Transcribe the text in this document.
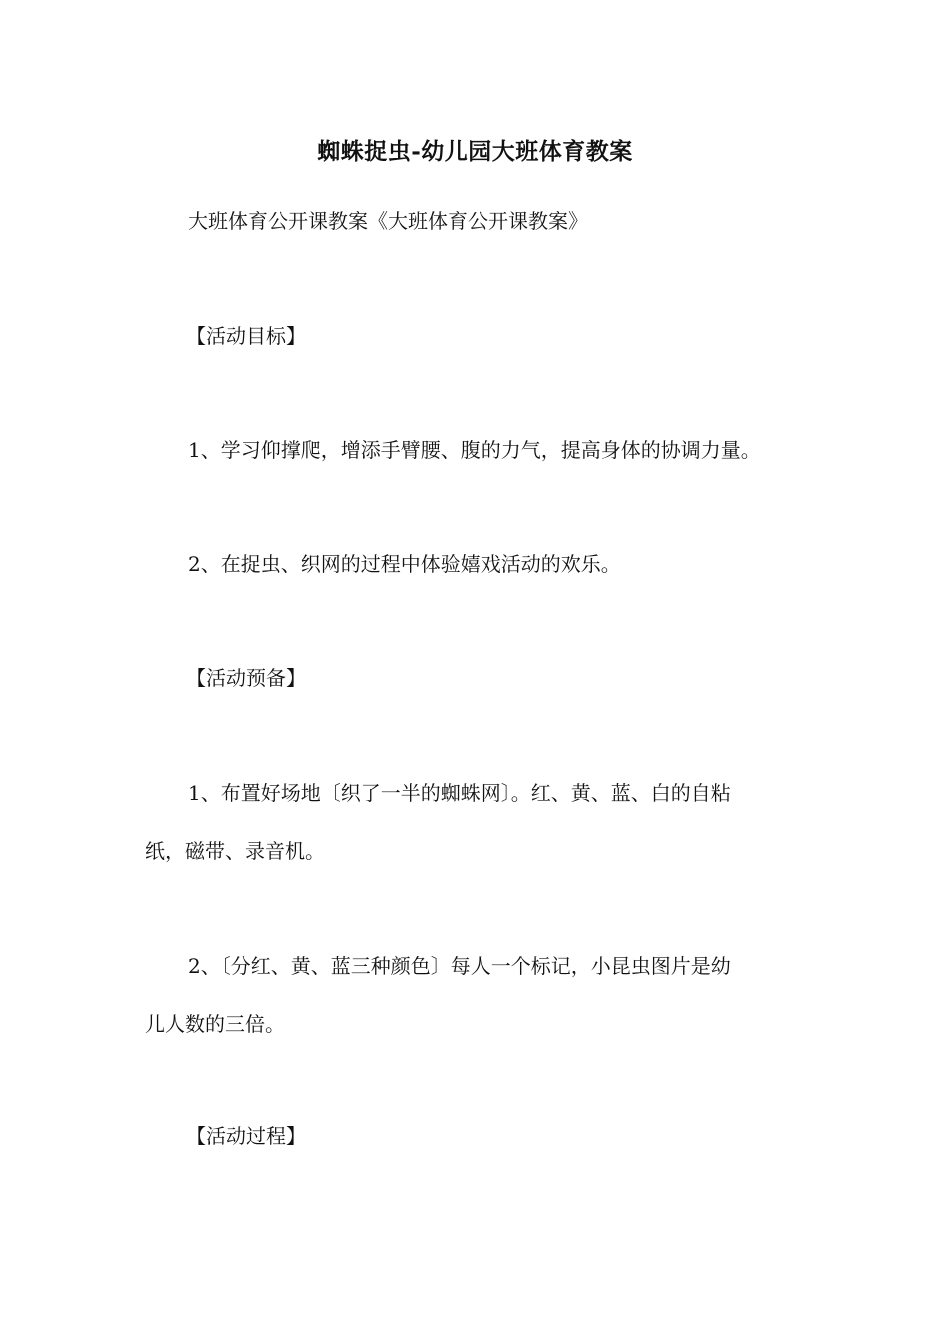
蜘蛛捉虫-幼儿园大班体育教案
大班体育公开课教案《大班体育公开课教案》
【活动目标】
1、学习仰撑爬，增添手臂腰、腹的力气，提高身体的协调力量。
2、在捉虫、织网的过程中体验嬉戏活动的欢乐。
【活动预备】
1、布置好场地〔织了一半的蜘蛛网〕。红、黄、蓝、白的自粘
纸，磁带、录音机。
2、〔分红、黄、蓝三种颜色〕每人一个标记，小昆虫图片是幼
儿人数的三倍。
【活动过程】
